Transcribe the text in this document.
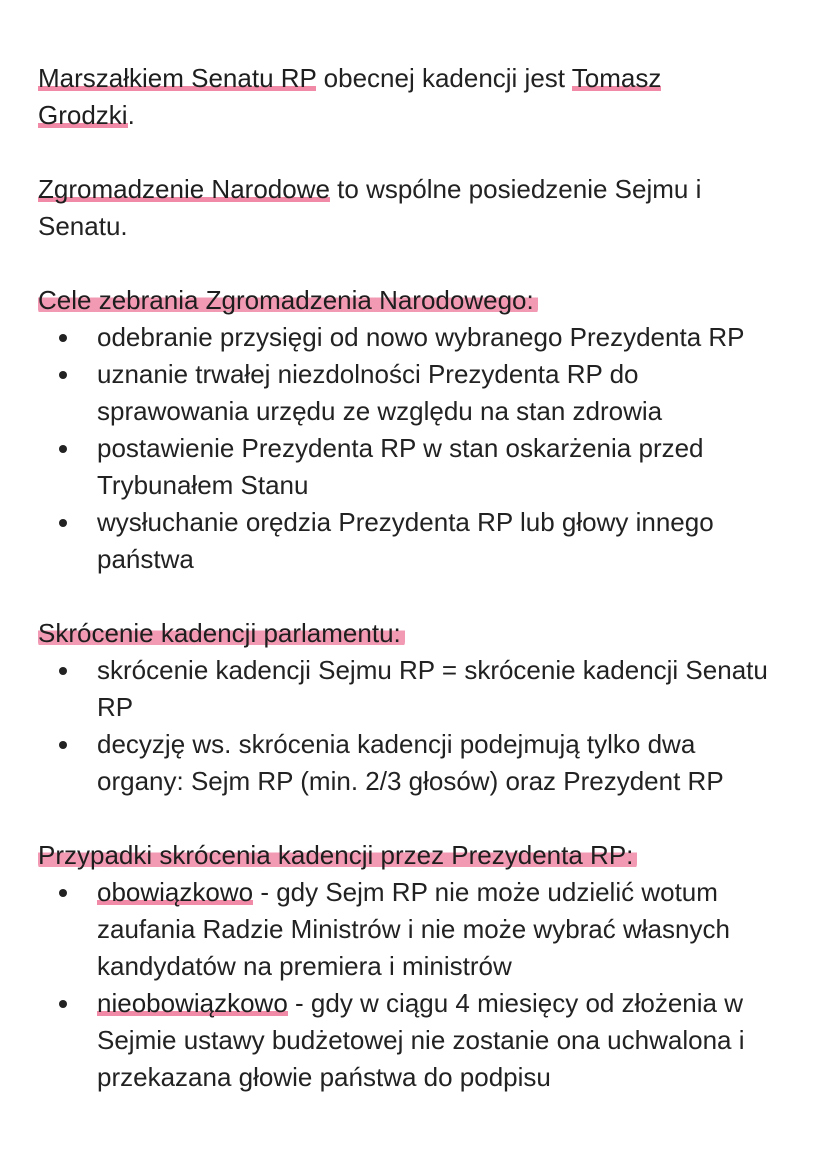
Marszałkiem Senatu RP obecnej kadencji jest Tomasz Grodzki.

Zgromadzenie Narodowe to wspólne posiedzenie Sejmu i Senatu.

Cele zebrania Zgromadzenia Narodowego:

odebranie przysięgi od nowo wybranego Prezydenta RP
uznanie trwałej niezdolności Prezydenta RP do sprawowania urzędu ze względu na stan zdrowia
postawienie Prezydenta RP w stan oskarżenia przed Trybunałem Stanu
wysłuchanie orędzia Prezydenta RP lub głowy innego państwa

Skrócenie kadencji parlamentu:

skrócenie kadencji Sejmu RP = skrócenie kadencji Senatu RP
decyzję ws. skrócenia kadencji podejmują tylko dwa organy: Sejm RP (min. 2/3 głosów) oraz Prezydent RP

Przypadki skrócenia kadencji przez Prezydenta RP:

obowiązkowo - gdy Sejm RP nie może udzielić wotum zaufania Radzie Ministrów i nie może wybrać własnych kandydatów na premiera i ministrów
nieobowiązkowo - gdy w ciągu 4 miesięcy od złożenia w Sejmie ustawy budżetowej nie zostanie ona uchwalona i przekazana głowie państwa do podpisu
